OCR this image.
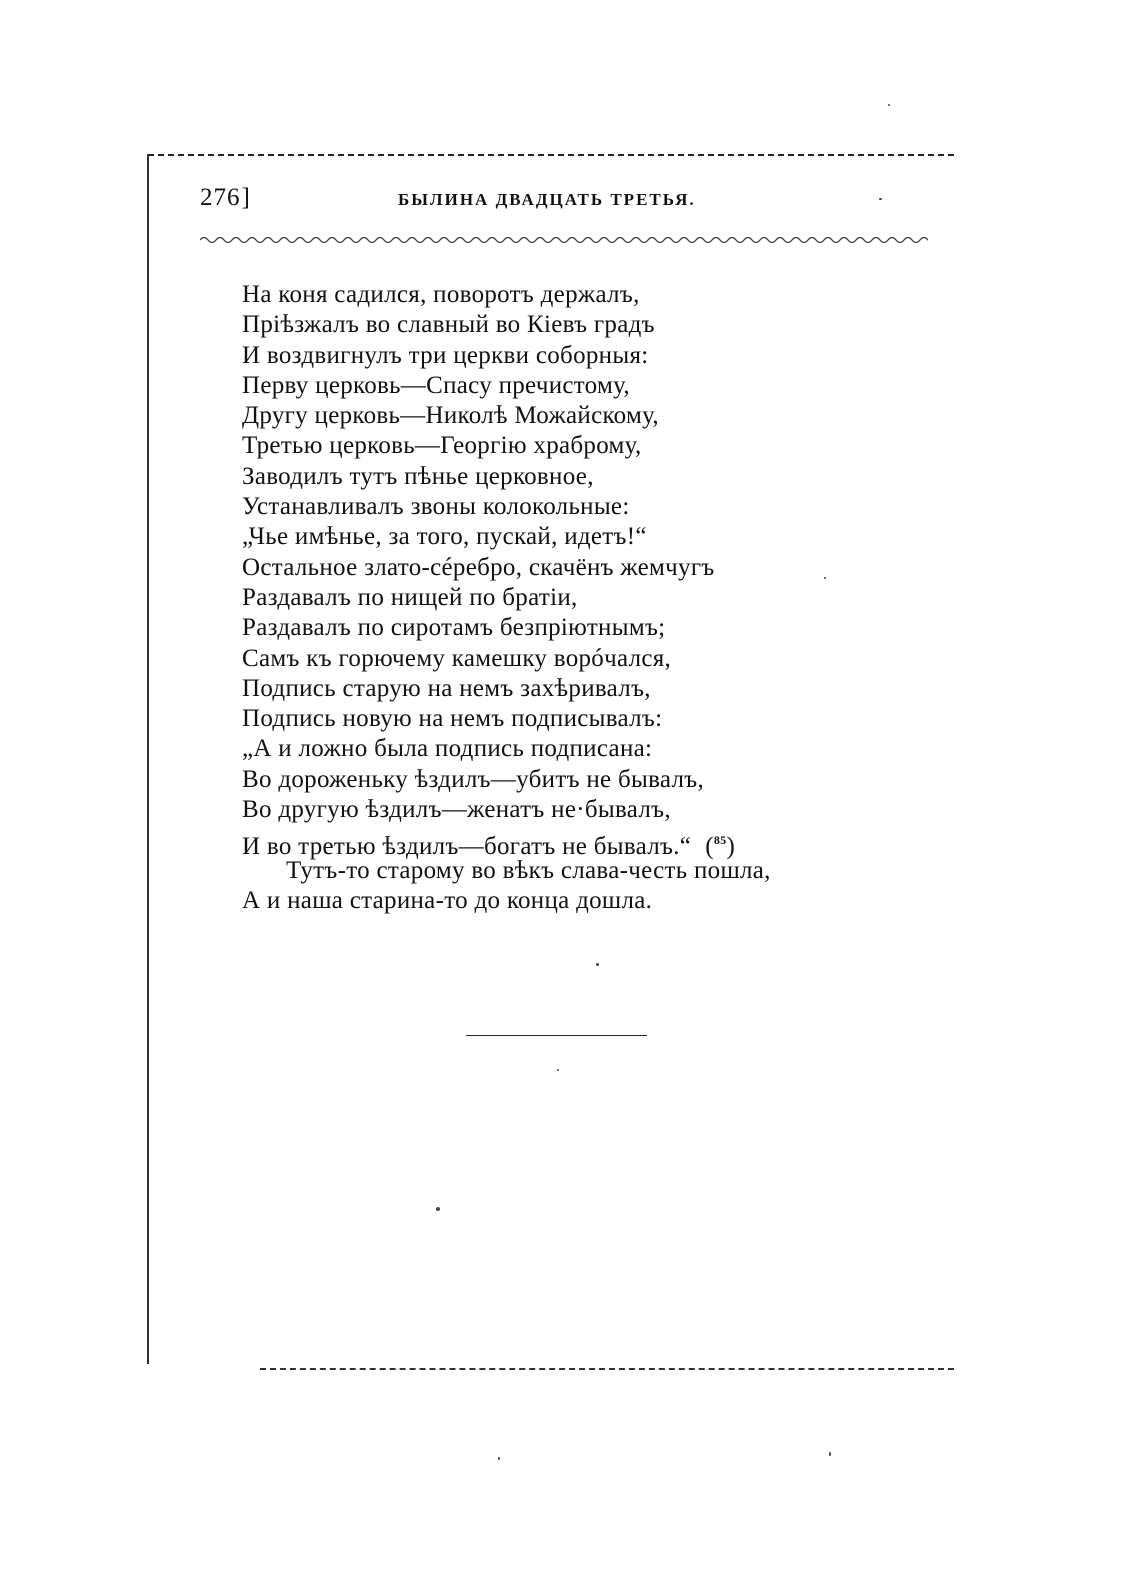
276 ]	БЫЛИНА ДВАДЦАТЬ ТРЕТЬЯ.
На коня садился, поворотъ держалъ,
Пріѣзжалъ во славный во Кіевъ градъ
И воздвигнулъ три церкви соборныя:
Перву церковь—Спасу пречистому,
Другу церковь—Николѣ Можайскому,
Третью церковь—Георгію храброму,
Заводилъ тутъ пѣнье церковное,
Устанавливалъ звоны колокольные:
„Чье имѣнье, за того, пускай, идетъ!“
Остальное злато-сéребро, скачёнъ жемчугъ
Раздавалъ по нищей по братіи,
Раздавалъ по сиротамъ безпріютнымъ;
Самъ къ горючему камешку ворóчался,
Подпись старую на немъ захѣривалъ,
Подпись новую на немъ подписывалъ:
„А и ложно была подпись подписана:
Во дороженьку ѣздилъ—убитъ не бывалъ,
Во другую ѣздилъ—женатъ не·бывалъ,
И во третью ѣздилъ—богатъ не бывалъ.“ ($^{85}$)
Тутъ-то старому во вѣкъ слава-честь пошла,
А и наша старина-то до конца дошла.
